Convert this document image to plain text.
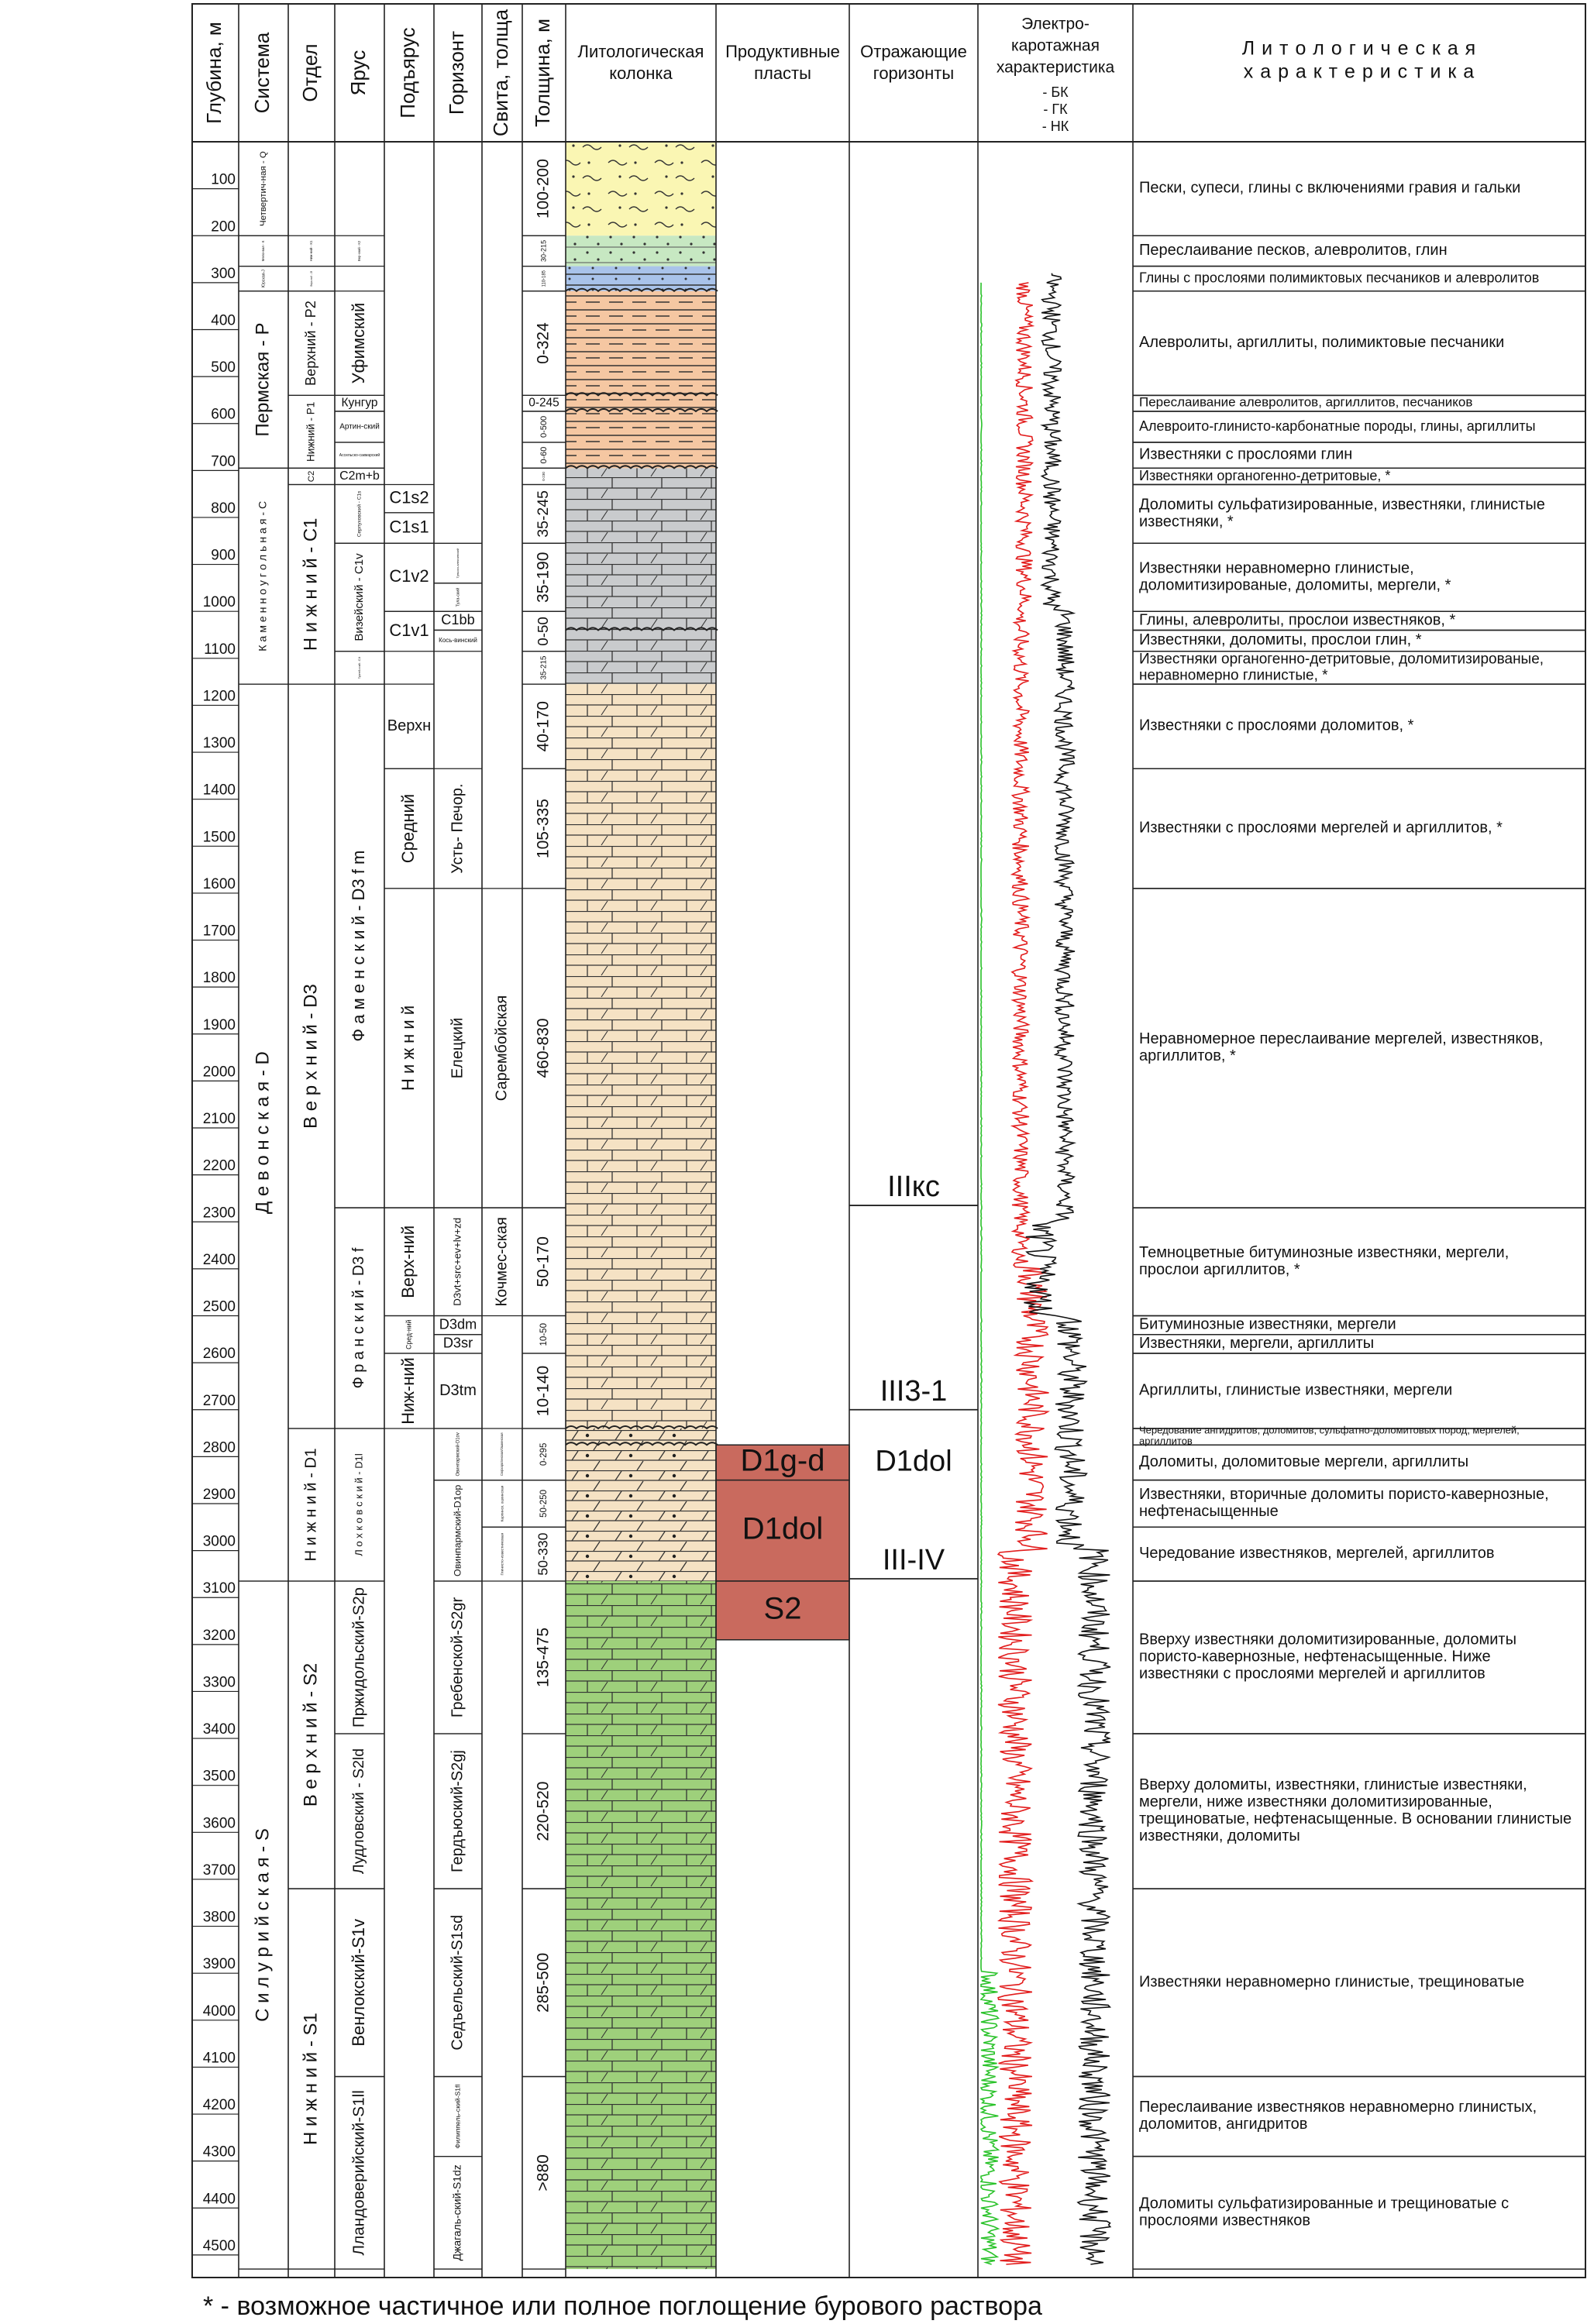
D1g-d
D1dol
S2
Глубина, м Система Отдел Ярус Подъярус Горизонт Свита, толща Толщина, м Литологическая
колонка
Продуктивные
пласты
Отражающие
горизонты
Электро-
каротажная
характеристика
- БК
- ГК
- НК
Л и т о л о г и ч е с к а я
х а р а к т е р и с т и к а
100
200
300
400
500
600
700
800
900
1000
1100
1200
1300
1400
1500
1600
1700
1800
1900
2000
2100
2200
2300
2400
2500
2600
2700
2800
2900
3000
3100
3200
3300
3400
3500
3600
3700
3800
3900
4000
4100
4200
4300
4400
4500
Четвертич-ная - Q
Мело-вая - К
Юрская-J
Пермская - Р
К а м е н н о у г о л ь н а я - С
Д е в о н с к а я - D
С и л у р и й с к а я - S
Ниж-ний - К1
Верх-ний - J3
Верхний - Р2
Нижний - Р1
С2
Н и ж н и й - С1
В е р х н и й - D3
Н и ж н и й - D1
В е р х н и й - S2
Н и ж н и й - S1
Вер-хний - К2
Уфимский
Кунгур
Артин-ский
Ассельско-сакмарский
С2m+b
Серпуховский - С1s
Визейский - С1v
Турней-ский - С1t
Ф а м е н с к и й - D3 f m
Ф р а н с к и й - D3 f
Л о х к о в с к и й - D1l
Пржидольский-S2p
Лудловский - S2ld
Венлокский-S1v
Лландоверийский-S1ll
С1s2
С1s1
С1v2
С1v1
Верхн
Средний
Н и ж н и й
Верх-ний
Сред-ний
Ниж-ний
Тульско-алексинский
Тула-ский
С1bb
Кось-винский
Усть- Печор.
Елецкий
D3vt+src+ev+lv+zd
D3dm
D3sr
D3tm
Овинпармский-D1ov
Овинпармский-D1op
Гребенской-S2gr
Гердъюский-S2gj
Седъельский-S1sd
Филиппель-ский-S1fl
Джагаль-ский-S1dz
Сарембойская
Кочмес-ская
Сюрхаратинская/Ошкинская
Карпинск. ошкинская
Глинисто-известняковая
100-200
30-215
110-185
0-324
0-245
0-500
0-60
0-230
35-245
35-190
0-50
35-215
40-170
105-335
460-830
50-170
10-50
10-140
0-295
50-250
50-330
135-475
220-520
285-500
>880
Пески, супеси, глины с включениями гравия и гальки
Переслаивание песков, алевролитов, глин
Глины с прослоями полимиктовых песчаников и алевролитов
Алевролиты, аргиллиты, полимиктовые песчаники
Переслаивание алевролитов, аргиллитов, песчаников
Алевроито-глинисто-карбонатные породы, глины, аргиллиты
Известняки с прослоями глин
Известняки органогенно-детритовые, *
Доломиты сульфатизированные, известняки, глинистые известняки, *
Известняки неравномерно глинистые, доломитизированые, доломиты, мергели, *
Глины, алевролиты, прослои известняков, *
Известняки, доломиты, прослои глин, *
Известняки органогенно-детритовые, доломитизированые, неравномерно глинистые, *
Известняки с прослоями доломитов, *
Известняки с прослоями мергелей и аргиллитов, *
Неравномерное переслаивание мергелей, известняков, аргиллитов, *
Темноцветные битуминозные известняки, мергели, прослои аргиллитов, *
Битуминозные известняки, мергели
Известняки, мергели, аргиллиты
Аргиллиты, глинистые известняки, мергели
Чередование ангидритов, доломитов, сульфатно-доломитовых пород, мергелей, аргиллитов
Доломиты, доломитовые мергели, аргиллиты
Известняки, вторичные доломиты пористо-кавернозные, нефтенасыщенные
Чередование известняков, мергелей, аргиллитов
Вверху известняки доломитизированные, доломиты пористо-кавернозные, нефтенасыщенные. Ниже известняки с прослоями мергелей и аргиллитов
Вверху доломиты, известняки, глинистые известняки, мергели, ниже известняки доломитизированные, трещиноватые, нефтенасыщенные. В основании глинистые известняки, доломиты
Известняки неравномерно глинистые, трещиноватые
Переслаивание известняков неравномерно глинистых, доломитов, ангидритов
Доломиты сульфатизированные и трещиноватые с прослоями известняков
IIIкс
III3-1
D1dol
III-IV
* - возможное частичное или полное поглощение бурового раствора
